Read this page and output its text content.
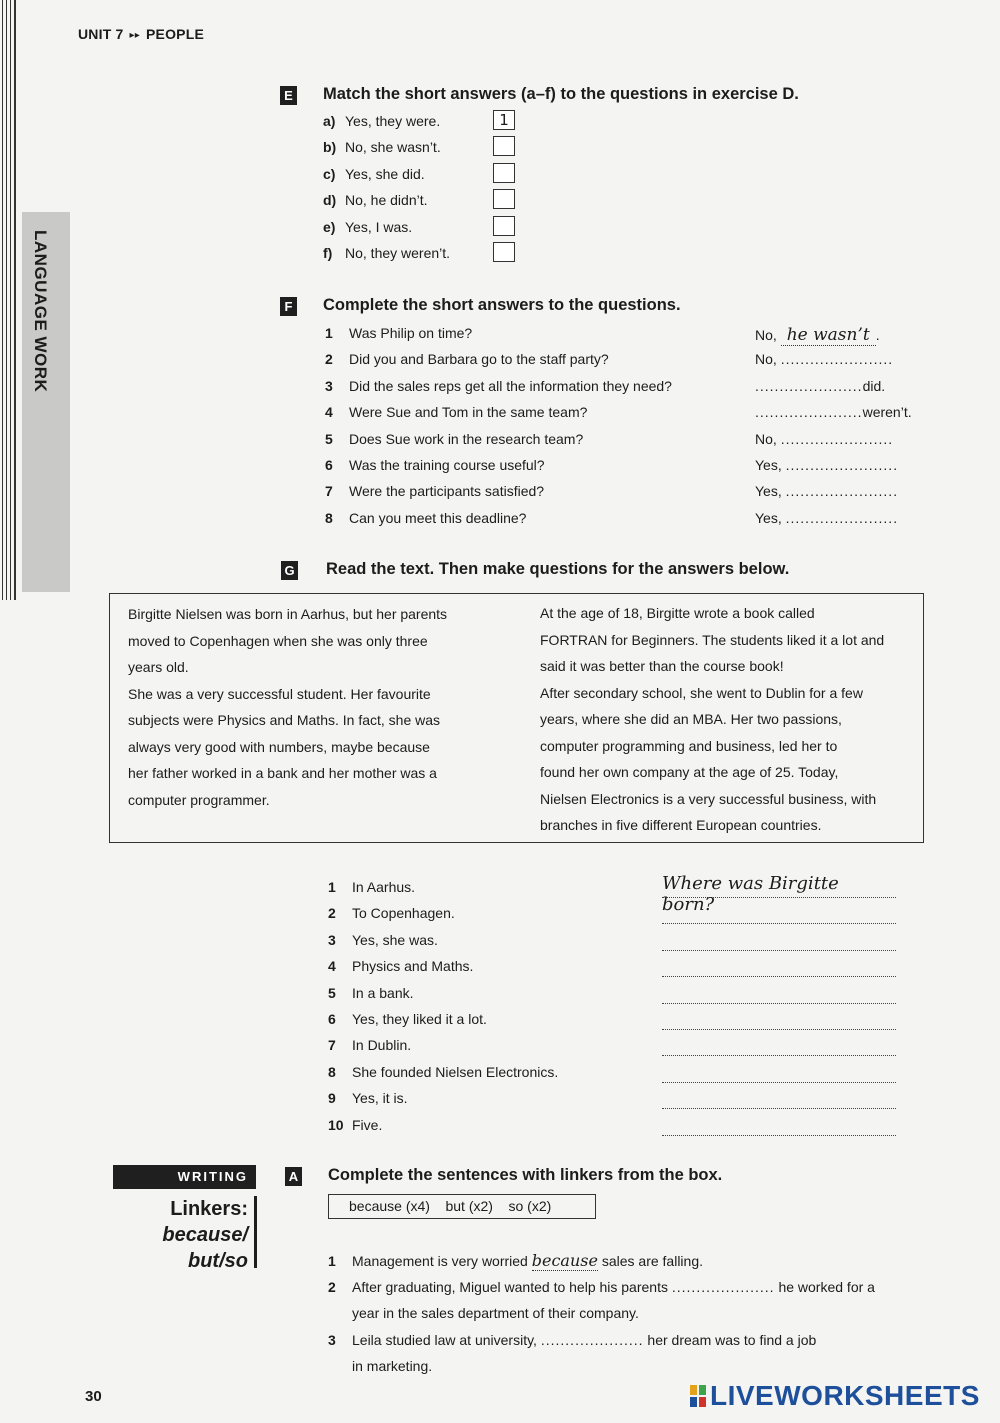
UNIT 7 ▸▸ PEOPLE
LANGUAGE WORK
E Match the short answers (a–f) to the questions in exercise D.
a) Yes, they were.	1
b) No, she wasn’t.
c) Yes, she did.
d) No, he didn’t.
e) Yes, I was.
f) No, they weren’t.
F Complete the short answers to the questions.
1 Was Philip on time?	No, he wasn’t .
2 Did you and Barbara go to the staff party?	No, .......................
3 Did the sales reps get all the information they need?	......................did.
4 Were Sue and Tom in the same team?	......................weren’t.
5 Does Sue work in the research team?	No, .......................
6 Was the training course useful?	Yes, .......................
7 Were the participants satisfied?	Yes, .......................
8 Can you meet this deadline?	Yes, .......................
G Read the text. Then make questions for the answers below.
Birgitte Nielsen was born in Aarhus, but her parents
moved to Copenhagen when she was only three
years old.
She was a very successful student. Her favourite
subjects were Physics and Maths. In fact, she was
always very good with numbers, maybe because
her father worked in a bank and her mother was a
computer programmer.
At the age of 18, Birgitte wrote a book called
FORTRAN for Beginners. The students liked it a lot and
said it was better than the course book!
After secondary school, she went to Dublin for a few
years, where she did an MBA. Her two passions,
computer programming and business, led her to
found her own company at the age of 25. Today,
Nielsen Electronics is a very successful business, with
branches in five different European countries.
1 In Aarhus.	Where was Birgitte born?
2 To Copenhagen.
3 Yes, she was.
4 Physics and Maths.
5 In a bank.
6 Yes, they liked it a lot.
7 In Dublin.
8 She founded Nielsen Electronics.
9 Yes, it is.
10 Five.
WRITING
Linkers:
because/
but/so
A Complete the sentences with linkers from the box.
because (x4)    but (x2)    so (x2)
1 Management is very worried because sales are falling.
2 After graduating, Miguel wanted to help his parents ..................... he worked for a
year in the sales department of their company.
3 Leila studied law at university, ..................... her dream was to find a job
in marketing.
30	LIVEWORKSHEETS
